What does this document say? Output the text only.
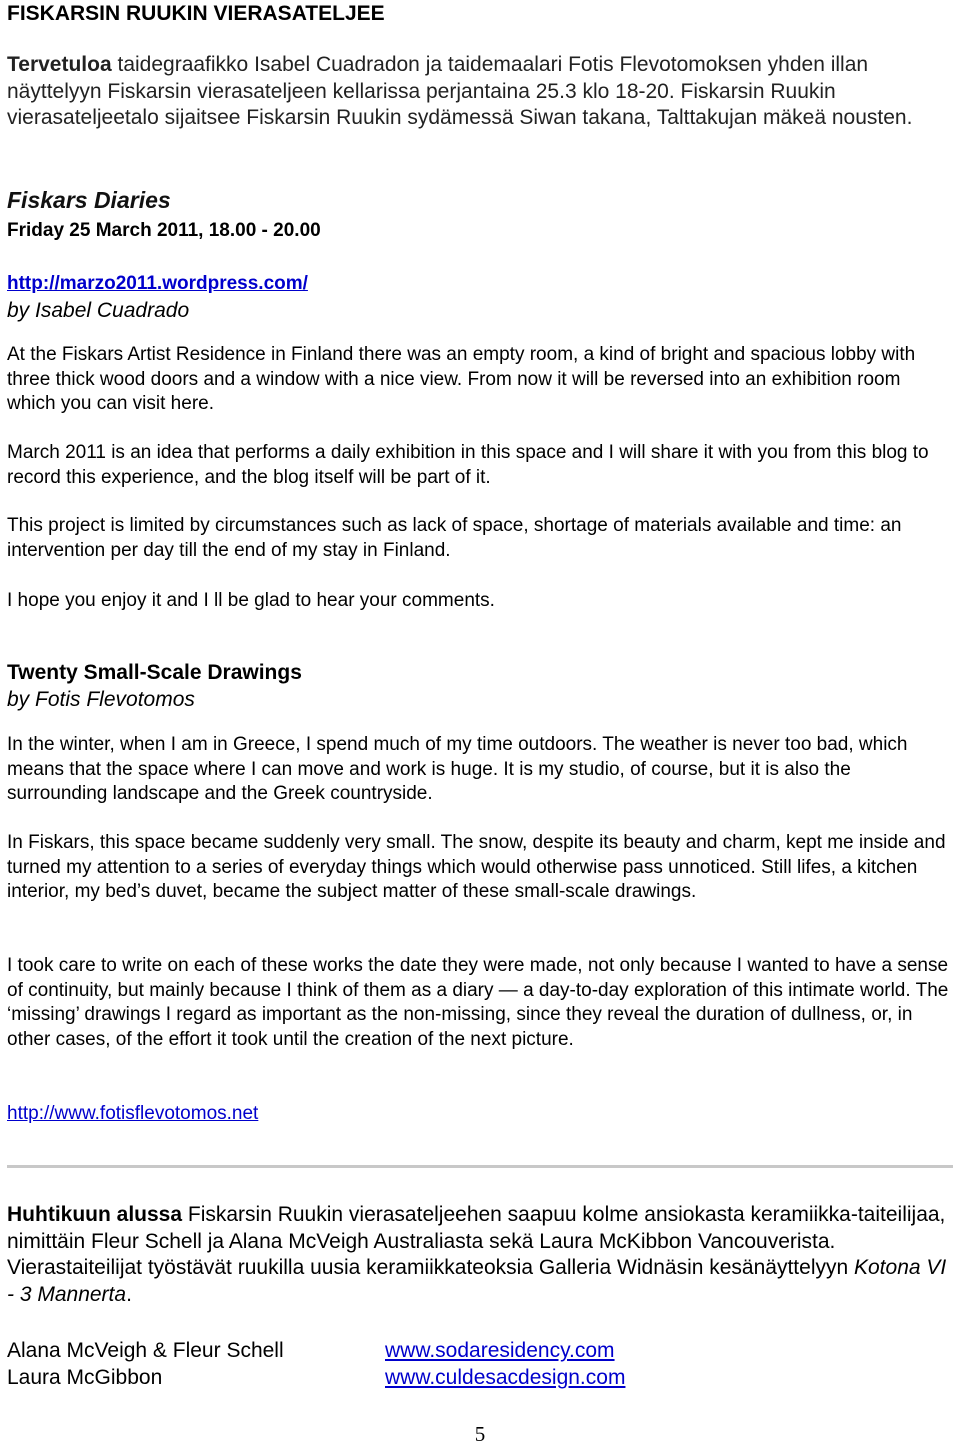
FISKARSIN RUUKIN VIERASATELJEE
Tervetuloa taidegraafikko Isabel Cuadradon ja taidemaalari Fotis Flevotomoksen yhden illan näyttelyyn Fiskarsin vierasateljeen kellarissa perjantaina 25.3 klo 18-20. Fiskarsin Ruukin vierasateljeetalo sijaitsee Fiskarsin Ruukin sydämessä Siwan takana, Talttakujan mäkeä nousten.
Fiskars Diaries
Friday 25 March 2011, 18.00 - 20.00
http://marzo2011.wordpress.com/
by Isabel Cuadrado
At the Fiskars Artist Residence in Finland there was an empty room, a kind of bright and spacious lobby with three thick wood doors and a window with a nice view. From now it will be reversed into an exhibition room which you can visit here.
March 2011 is an idea that performs a daily exhibition in this space and I will share it with you from this blog to record this experience, and the blog itself will be part of it.
This project is limited by circumstances such as lack of space, shortage of materials available and time: an intervention per day till the end of my stay in Finland.
I hope you enjoy it and I ll be glad to hear your comments.
Twenty Small-Scale Drawings
by Fotis Flevotomos
In the winter, when I am in Greece, I spend much of my time outdoors. The weather is never too bad, which means that the space where I can move and work is huge. It is my studio, of course, but it is also the surrounding landscape and the Greek countryside.
In Fiskars, this space became suddenly very small. The snow, despite its beauty and charm, kept me inside and turned my attention to a series of everyday things which would otherwise pass unnoticed. Still lifes, a kitchen interior, my bed’s duvet, became the subject matter of these small-scale drawings.
I took care to write on each of these works the date they were made, not only because I wanted to have a sense of continuity, but mainly because I think of them as a diary — a day-to-day exploration of this intimate world. The ‘missing’ drawings I regard as important as the non-missing, since they reveal the duration of dullness, or, in other cases, of the effort it took until the creation of the next picture.
http://www.fotisflevotomos.net
Huhtikuun alussa Fiskarsin Ruukin vierasateljeehen saapuu kolme ansiokasta keramiikka-taiteilijaa, nimittäin Fleur Schell ja Alana McVeigh Australiasta sekä Laura McKibbon Vancouverista. Vierastaiteilijat työstävät ruukilla uusia keramiikkateoksia Galleria Widnäsin kesänäyttelyyn Kotona VI - 3 Mannerta.
Alana McVeigh & Fleur Schell	www.sodaresidency.com
Laura McGibbon	www.culdesacdesign.com
5
